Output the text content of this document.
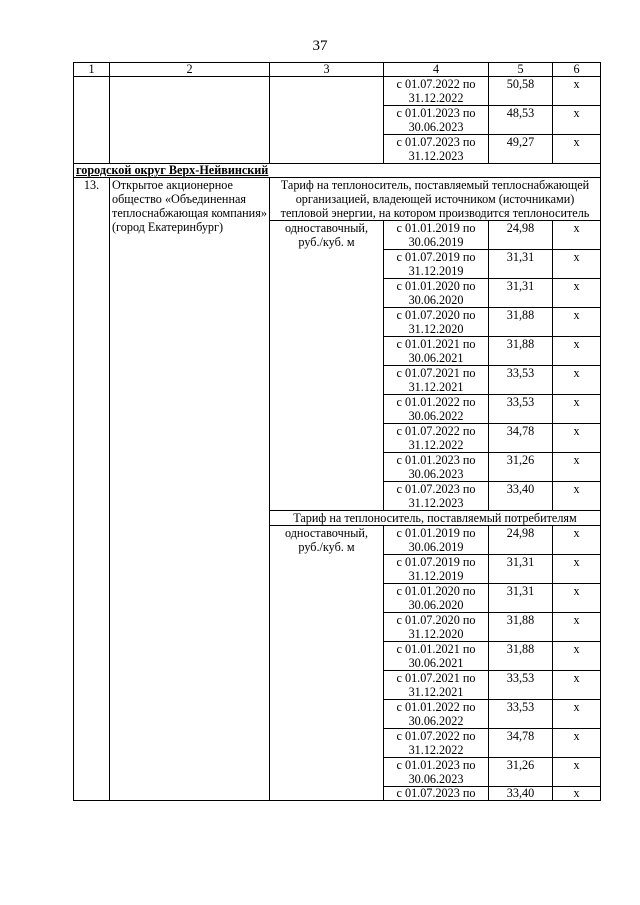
37
1	2	3	4	5	6
			с 01.07.2022 по 31.12.2022	50,58	х
			с 01.01.2023 по 30.06.2023	48,53	х
			с 01.07.2023 по 31.12.2023	49,27	х
городской округ Верх-Нейвинский					
13.	Открытое акционерное общество «Объединенная теплоснабжающая компания» (город Екатеринбург)	Тариф на теплоноситель, поставляемый теплоснабжающей организацией, владеющей источником (источниками) тепловой энергии, на котором производится теплоноситель			
		одноставочный, руб./куб. м	с 01.01.2019 по 30.06.2019	24,98	х
			с 01.07.2019 по 31.12.2019	31,31	х
			с 01.01.2020 по 30.06.2020	31,31	х
			с 01.07.2020 по 31.12.2020	31,88	х
			с 01.01.2021 по 30.06.2021	31,88	х
			с 01.07.2021 по 31.12.2021	33,53	х
			с 01.01.2022 по 30.06.2022	33,53	х
			с 01.07.2022 по 31.12.2022	34,78	х
			с 01.01.2023 по 30.06.2023	31,26	х
			с 01.07.2023 по 31.12.2023	33,40	х
		Тариф на теплоноситель, поставляемый потребителям			
		одноставочный, руб./куб. м	с 01.01.2019 по 30.06.2019	24,98	х
			с 01.07.2019 по 31.12.2019	31,31	х
			с 01.01.2020 по 30.06.2020	31,31	х
			с 01.07.2020 по 31.12.2020	31,88	х
			с 01.01.2021 по 30.06.2021	31,88	х
			с 01.07.2021 по 31.12.2021	33,53	х
			с 01.01.2022 по 30.06.2022	33,53	х
			с 01.07.2022 по 31.12.2022	34,78	х
			с 01.01.2023 по 30.06.2023	31,26	х
			с 01.07.2023 по	33,40	х
